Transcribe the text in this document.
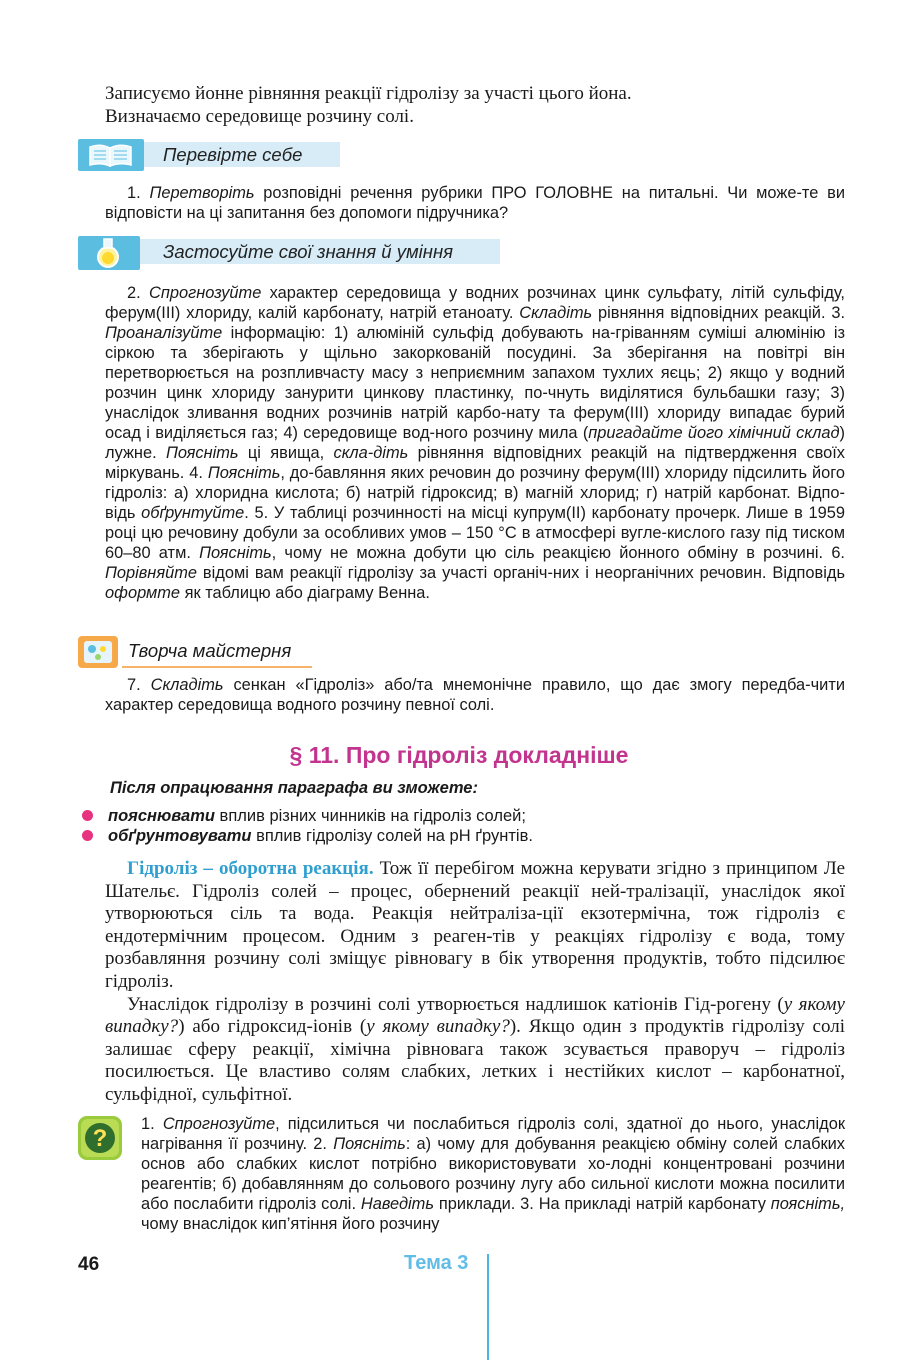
Записуємо йонне рівняння реакції гідролізу за участі цього йона.
Визначаємо середовище розчину солі.
Перевірте себе

1. Перетворіть розповідні речення рубрики ПРО ГОЛОВНЕ на питальні. Чи може-те ви відповісти на ці запитання без допомоги підручника?

Застосуйте свої знання й уміння

2. Спрогнозуйте характер середовища у водних розчинах цинк сульфату, літій сульфіду, ферум(III) хлориду, калій карбонату, натрій етаноату. Складіть рівняння відповідних реакцій. 3. Проаналізуйте інформацію: 1) алюміній сульфід добувають на-гріванням суміші алюмінію із сіркою та зберігають у щільно закоркованій посудині. За зберігання на повітрі він перетворюється на розпливчасту масу з неприємним запахом тухлих яєць; 2) якщо у водний розчин цинк хлориду занурити цинкову пластинку, по-чнуть виділятися бульбашки газу; 3) унаслідок зливання водних розчинів натрій карбо-нату та ферум(III) хлориду випадає бурий осад і виділяється газ; 4) середовище вод-ного розчину мила (пригадайте його хімічний склад) лужне. Поясніть ці явища, скла-діть рівняння відповідних реакцій на підтвердження своїх міркувань. 4. Поясніть, до-бавляння яких речовин до розчину ферум(III) хлориду підсилить його гідроліз: а) хлоридна кислота; б) натрій гідроксид; в) магній хлорид; г) натрій карбонат. Відпо-відь обґрунтуйте. 5. У таблиці розчинності на місці купрум(II) карбонату прочерк. Лише в 1959 році цю речовину добули за особливих умов – 150 °С в атмосфері вугле-кислого газу під тиском 60–80 атм. Поясніть, чому не можна добути цю сіль реакцією йонного обміну в розчині. 6. Порівняйте відомі вам реакції гідролізу за участі органіч-них і неорганічних речовин. Відповідь оформте як таблицю або діаграму Венна.

Творча майстерня

7. Складіть сенкан «Гідроліз» або/та мнемонічне правило, що дає змогу передба-чити характер середовища водного розчину певної солі.

§ 11. Про гідроліз докладніше
Після опрацювання параграфа ви зможете:
пояснювати вплив різних чинників на гідроліз солей;
обґрунтовувати вплив гідролізу солей на рН ґрунтів.

Гідроліз – оборотна реакція. Тож її перебігом можна керувати згідно з принципом Ле Шательє. Гідроліз солей – процес, обернений реакції ней-тралізації, унаслідок якої утворюються сіль та вода. Реакція нейтраліза-ції екзотермічна, тож гідроліз є ендотермічним процесом. Одним з реаген-тів у реакціях гідролізу є вода, тому розбавляння розчину солі зміщує рівновагу в бік утворення продуктів, тобто підсилює гідроліз.

Унаслідок гідролізу в розчині солі утворюється надлишок катіонів Гід-рогену (у якому випадку?) або гідроксид-іонів (у якому випадку?). Якщо один з продуктів гідролізу солі залишає сферу реакції, хімічна рівновага також зсувається праворуч – гідроліз посилюється. Це властиво солям слабких, летких і нестійких кислот – карбонатної, сульфідної, сульфітної.

?

1. Спрогнозуйте, підсилиться чи послабиться гідроліз солі, здатної до нього, унаслідок нагрівання її розчину. 2. Поясніть: а) чому для добування реакцією обміну солей слабких основ або слабких кислот потрібно використовувати хо-лодні концентровані розчини реагентів; б) добавлянням до сольового розчину лугу або сильної кислоти можна посилити або послабити гідроліз солі. Наведіть приклади. 3. На прикладі натрій карбонату поясніть, чому внаслідок кип’ятіння його розчину

46	Тема 3
